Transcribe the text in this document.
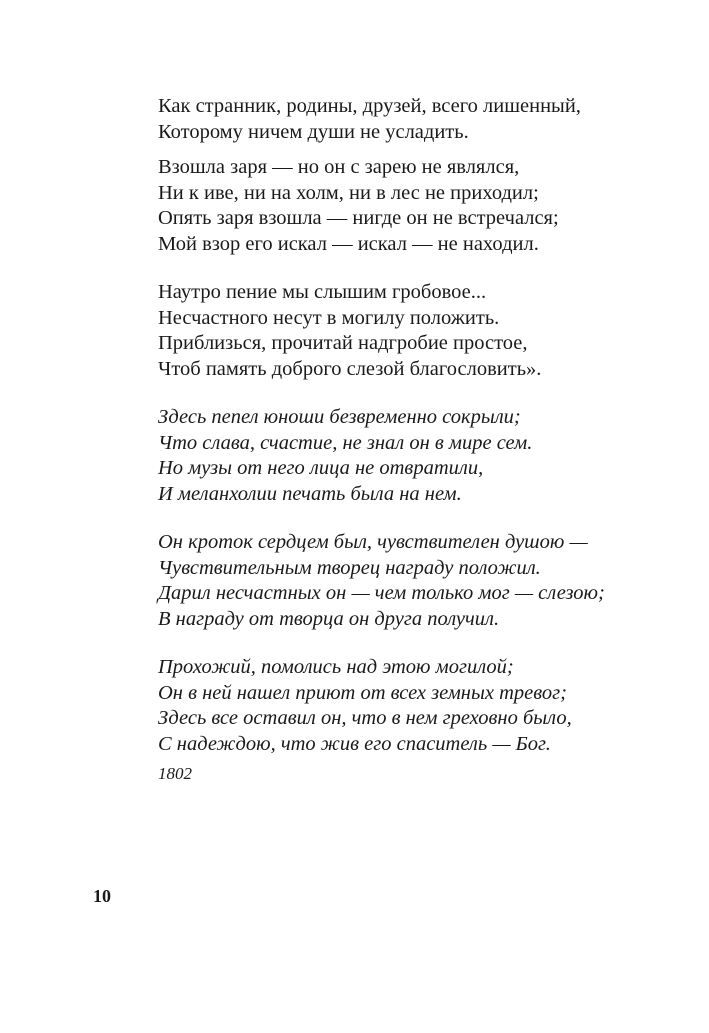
Как странник, родины, друзей, всего лишенный,
Которому ничем души не усладить.
Взошла заря — но он с зарею не являлся,
Ни к иве, ни на холм, ни в лес не приходил;
Опять заря взошла — нигде он не встречался;
Мой взор его искал — искал — не находил.
Наутро пение мы слышим гробовое...
Несчастного несут в могилу положить.
Приблизься, прочитай надгробие простое,
Чтоб память доброго слезой благословить».
Здесь пепел юноши безвременно сокрыли;
Что слава, счастие, не знал он в мире сем.
Но музы от него лица не отвратили,
И меланхолии печать была на нем.
Он кроток сердцем был, чувствителен душою —
Чувствительным творец награду положил.
Дарил несчастных он — чем только мог — слезою;
В награду от творца он друга получил.
Прохожий, помолись над этою могилой;
Он в ней нашел приют от всех земных тревог;
Здесь все оставил он, что в нем греховно было,
С надеждою, что жив его спаситель — Бог.
1802
10
